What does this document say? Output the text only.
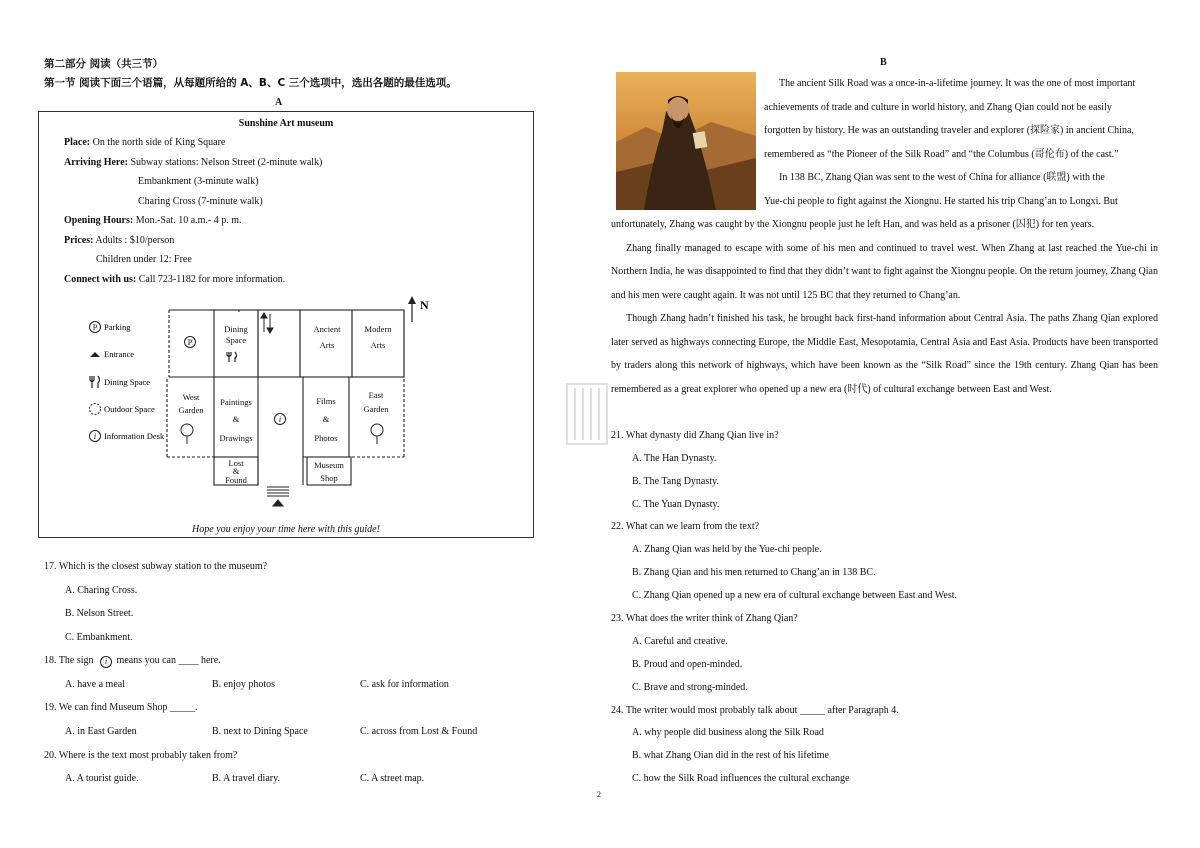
第二部分 阅读（共三节）
第一节 阅读下面三个语篇，从每题所给的 A、B、C 三个选项中，选出各题的最佳选项。
A
Sunshine Art museum
Place: On the north side of King Square
Arriving Here: Subway stations: Nelson Street (2-minute walk)
Embankment (3-minute walk)
Charing Cross (7-minute walk)
Opening Hours: Mon.-Sat. 10 a.m.- 4 p. m.
Prices: Adults : $10/person
Children under 12: Free
Connect with us: Call 723-1182 for more information.
P Parking
Entrance
Dining Space
Outdoor Space
i Information Desk
N
P
i
Dining
Space
Ancient
Arts
Modern
Arts
West
Garden
Paintings
&
Drawings
Films
&
Photos
East
Garden
Lost
&
Found
Museum
Shop
Hope you enjoy your time here with this guide!
17. Which is the closest subway station to the museum?
A. Charing Cross.
B. Nelson Street.
C. Embankment.
18. The sign i means you can ____ here.
A. have a meal	B. enjoy photos	C. ask for information
19. We can find Museum Shop _____.
A. in East Garden	B. next to Dining Space	C. across from Lost & Found
20. Where is the text most probably taken from?
A. A tourist guide.	B. A travel diary.	C. A street map.
B

The ancient Silk Road was a once-in-a-lifetime journey. It was the one of most important

achievements of trade and culture in world history, and Zhang Qian could not be easily

forgotten by history. He was an outstanding traveler and explorer (探险家) in ancient China,

remembered as “the Pioneer of the Silk Road” and “the Columbus (哥伦布) of the cast.”

In 138 BC, Zhang Qian was sent to the west of China for alliance (联盟) with the

Yue-chi people to fight against the Xiongnu. He started his trip Chang’an to Longxi. But

unfortunately, Zhang was caught by the Xiongnu people just he left Han, and was held as a prisoner (囚犯) for ten years.

Zhang finally managed to escape with some of his men and continued to travel west. When Zhang at last reached the Yue-chi in Northern India, he was disappointed to find that they didn’t want to fight against the Xiongnu people. On the return journey, Zhang Qian and his men were caught again. It was not until 125 BC that they returned to Chang’an.

Though Zhang hadn’t finished his task, he brought back first-hand information about Central Asia. The paths Zhang Qian explored later served as highways connecting Europe, the Middle East, Mesopotamia, Central Asia and East Asia. Products have been transported by traders along this network of highways, which have been known as the “Silk Road” since the 19th century. Zhang Qian has been remembered as a great explorer who opened up a new era (时代) of cultural exchange between East and West.

21. What dynasty did Zhang Qian live in?
A. The Han Dynasty.
B. The Tang Dynasty.
C. The Yuan Dynasty.
22. What can we learn from the text?
A. Zhang Qian was held by the Yue-chi people.
B. Zhang Qian and his men returned to Chang’an in 138 BC.
C. Zhang Qian opened up a new era of cultural exchange between East and West.
23. What does the writer think of Zhang Qian?
A. Careful and creative.
B. Proud and open-minded.
C. Brave and strong-minded.
24. The writer would most probably talk about _____ after Paragraph 4.
A. why people did business along the Silk Road
B. what Zhang Oian did in the rest of his lifetime
C. how the Silk Road influences the cultural exchange
2
